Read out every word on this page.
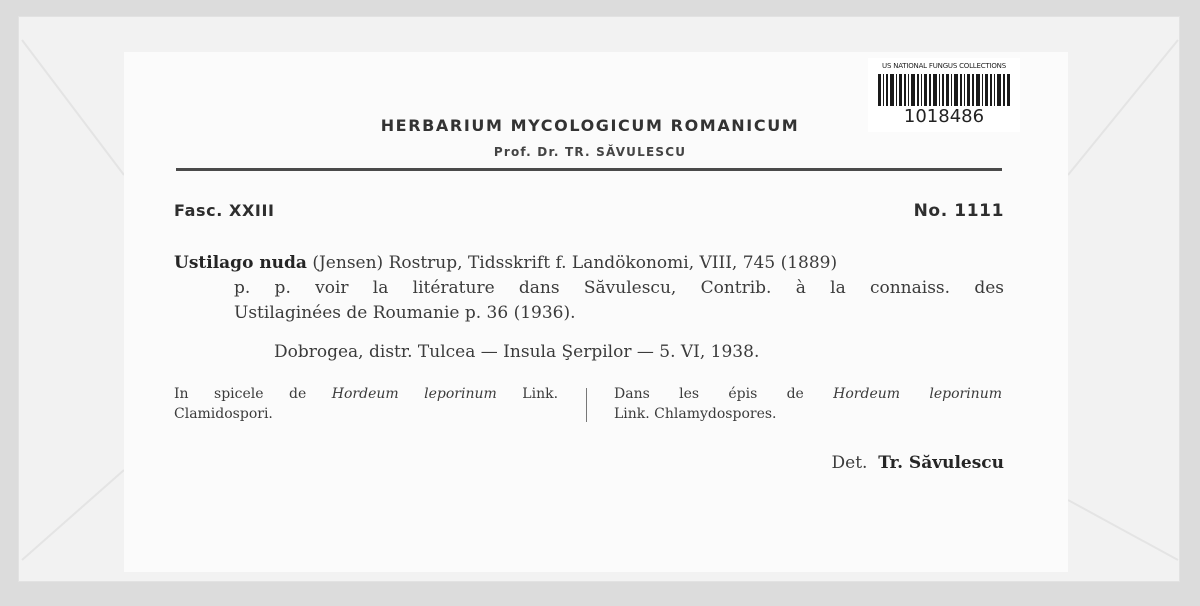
US NATIONAL FUNGUS COLLECTIONS
1018486
HERBARIUM MYCOLOGICUM ROMANICUM
Prof. Dr. TR. SĂVULESCU
Fasc. XXIII	No. 1111
Ustilago nuda (Jensen) Rostrup, Tidsskrift f. Landökonomi, VIII, 745 (1889)
p. p. voir la litérature dans Săvulescu, Contrib. à la connaiss. des
Ustilaginées de Roumanie p. 36 (1936).
Dobrogea, distr. Tulcea — Insula Şerpilor — 5. VI, 1938.
In spicele de Hordeum leporinum Link.
Clamidospori.
Dans les épis de Hordeum leporinum
Link. Chlamydospores.
Det. Tr. Săvulescu
